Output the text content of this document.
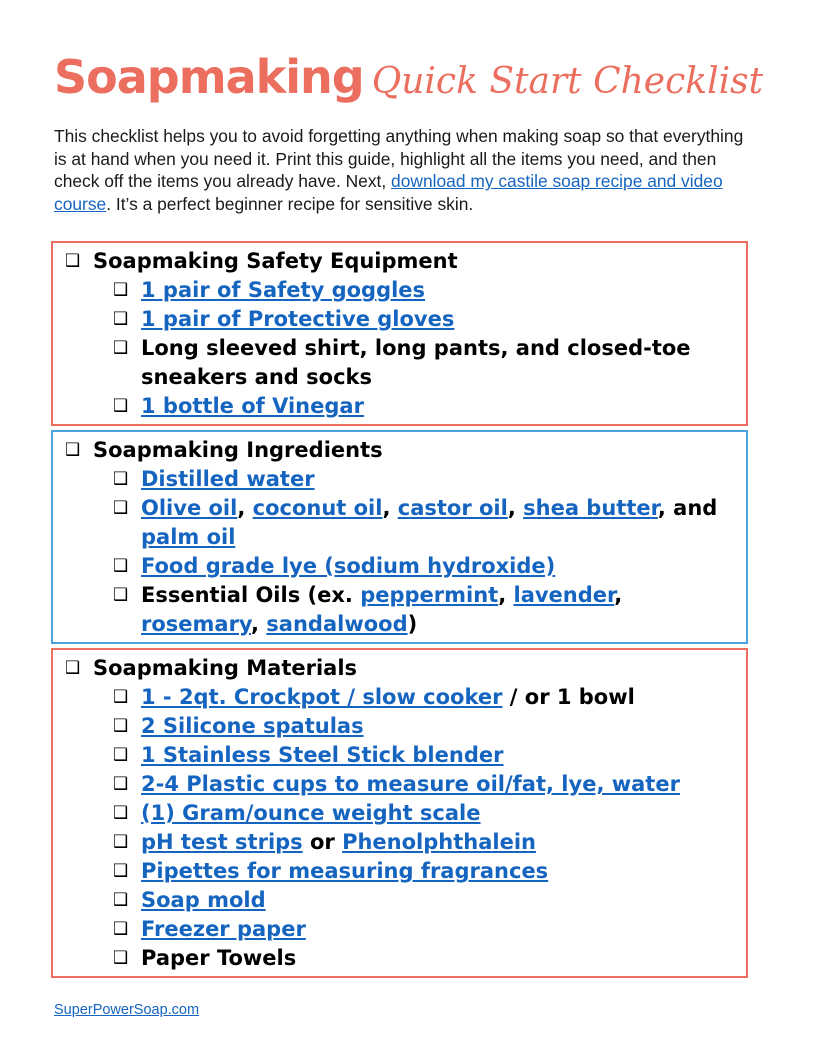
Soapmaking Quick Start Checklist
This checklist helps you to avoid forgetting anything when making soap so that everything is at hand when you need it. Print this guide, highlight all the items you need, and then check off the items you already have. Next, download my castile soap recipe and video course. It’s a perfect beginner recipe for sensitive skin.
❑ Soapmaking Safety Equipment
❑ 1 pair of Safety goggles
❑ 1 pair of Protective gloves
❑ Long sleeved shirt, long pants, and closed-toe sneakers and socks
❑ 1 bottle of Vinegar
❑ Soapmaking Ingredients
❑ Distilled water
❑ Olive oil, coconut oil, castor oil, shea butter, and palm oil
❑ Food grade lye (sodium hydroxide)
❑ Essential Oils (ex. peppermint, lavender, rosemary, sandalwood)
❑ Soapmaking Materials
❑ 1 - 2qt. Crockpot / slow cooker / or 1 bowl
❑ 2 Silicone spatulas
❑ 1 Stainless Steel Stick blender
❑ 2-4 Plastic cups to measure oil/fat, lye, water
❑ (1) Gram/ounce weight scale
❑ pH test strips or Phenolphthalein
❑ Pipettes for measuring fragrances
❑ Soap mold
❑ Freezer paper
❑ Paper Towels
SuperPowerSoap.com
